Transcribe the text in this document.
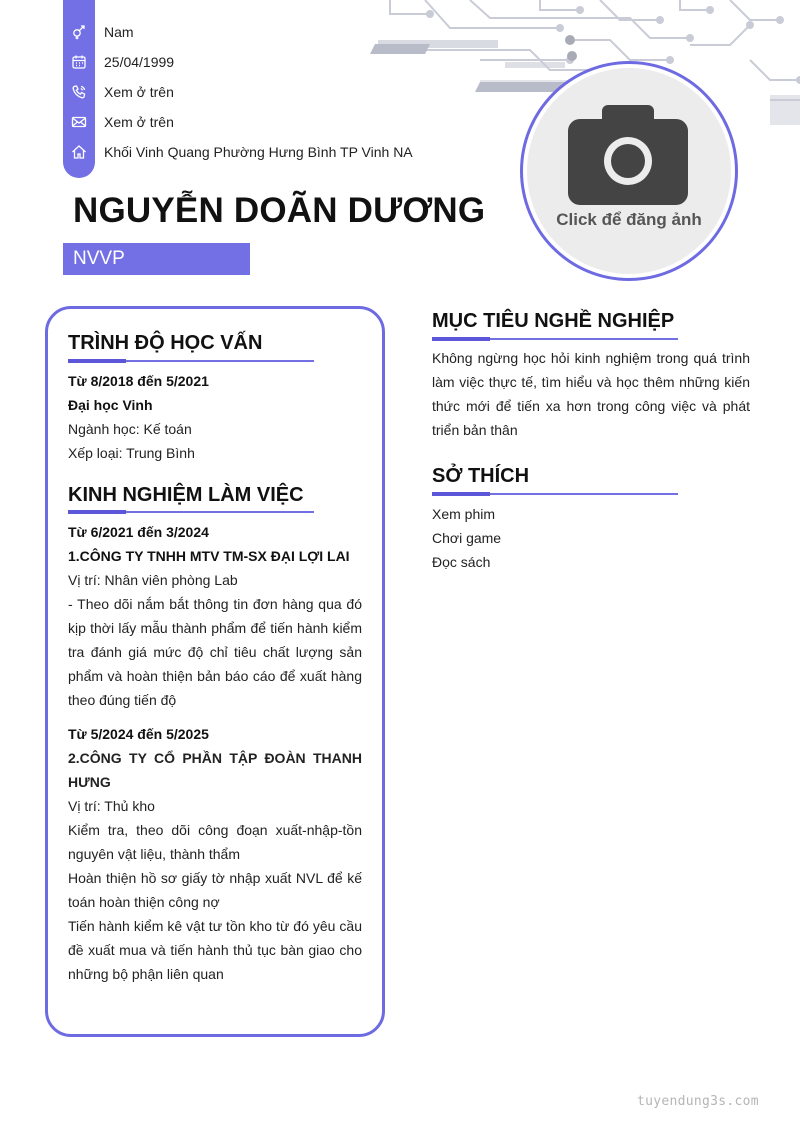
Nam
25/04/1999
Xem ở trên
Xem ở trên
Khối Vinh Quang Phường Hưng Bình TP Vinh NA
NGUYỄN DOÃN DƯƠNG
NVVP
Click để đăng ảnh
TRÌNH ĐỘ HỌC VẤN
Từ 8/2018 đến 5/2021
Đại học Vinh
Ngành học: Kế toán
Xếp loại: Trung Bình
KINH NGHIỆM LÀM VIỆC
Từ 6/2021 đến 3/2024
1.CÔNG TY TNHH MTV TM-SX ĐẠI LỢI LAI
Vị trí: Nhân viên phòng Lab
- Theo dõi nắm bắt thông tin đơn hàng qua đó kịp thời lấy mẫu thành phẩm để tiến hành kiểm tra đánh giá mức độ chỉ tiêu chất lượng sản phẩm và hoàn thiện bản báo cáo để xuất hàng theo đúng tiến độ
Từ 5/2024 đến 5/2025
2.CÔNG TY CỔ PHẦN TẬP ĐOÀN THANH HƯNG
Vị trí: Thủ kho
Kiểm tra, theo dõi công đoạn xuất-nhập-tồn nguyên vật liệu, thành thẩm
Hoàn thiện hồ sơ giấy tờ nhập xuất NVL để kế toán hoàn thiện công nợ
Tiến hành kiểm kê vật tư tồn kho từ đó yêu cầu đề xuất mua và tiến hành thủ tục bàn giao cho những bộ phận liên quan
MỤC TIÊU NGHỀ NGHIỆP
Không ngừng học hỏi kinh nghiệm trong quá trình làm việc thực tế, tìm hiểu và học thêm những kiến thức mới để tiến xa hơn trong công việc và phát triển bản thân
SỞ THÍCH
Xem phim
Chơi game
Đọc sách
tuyendung3s.com
